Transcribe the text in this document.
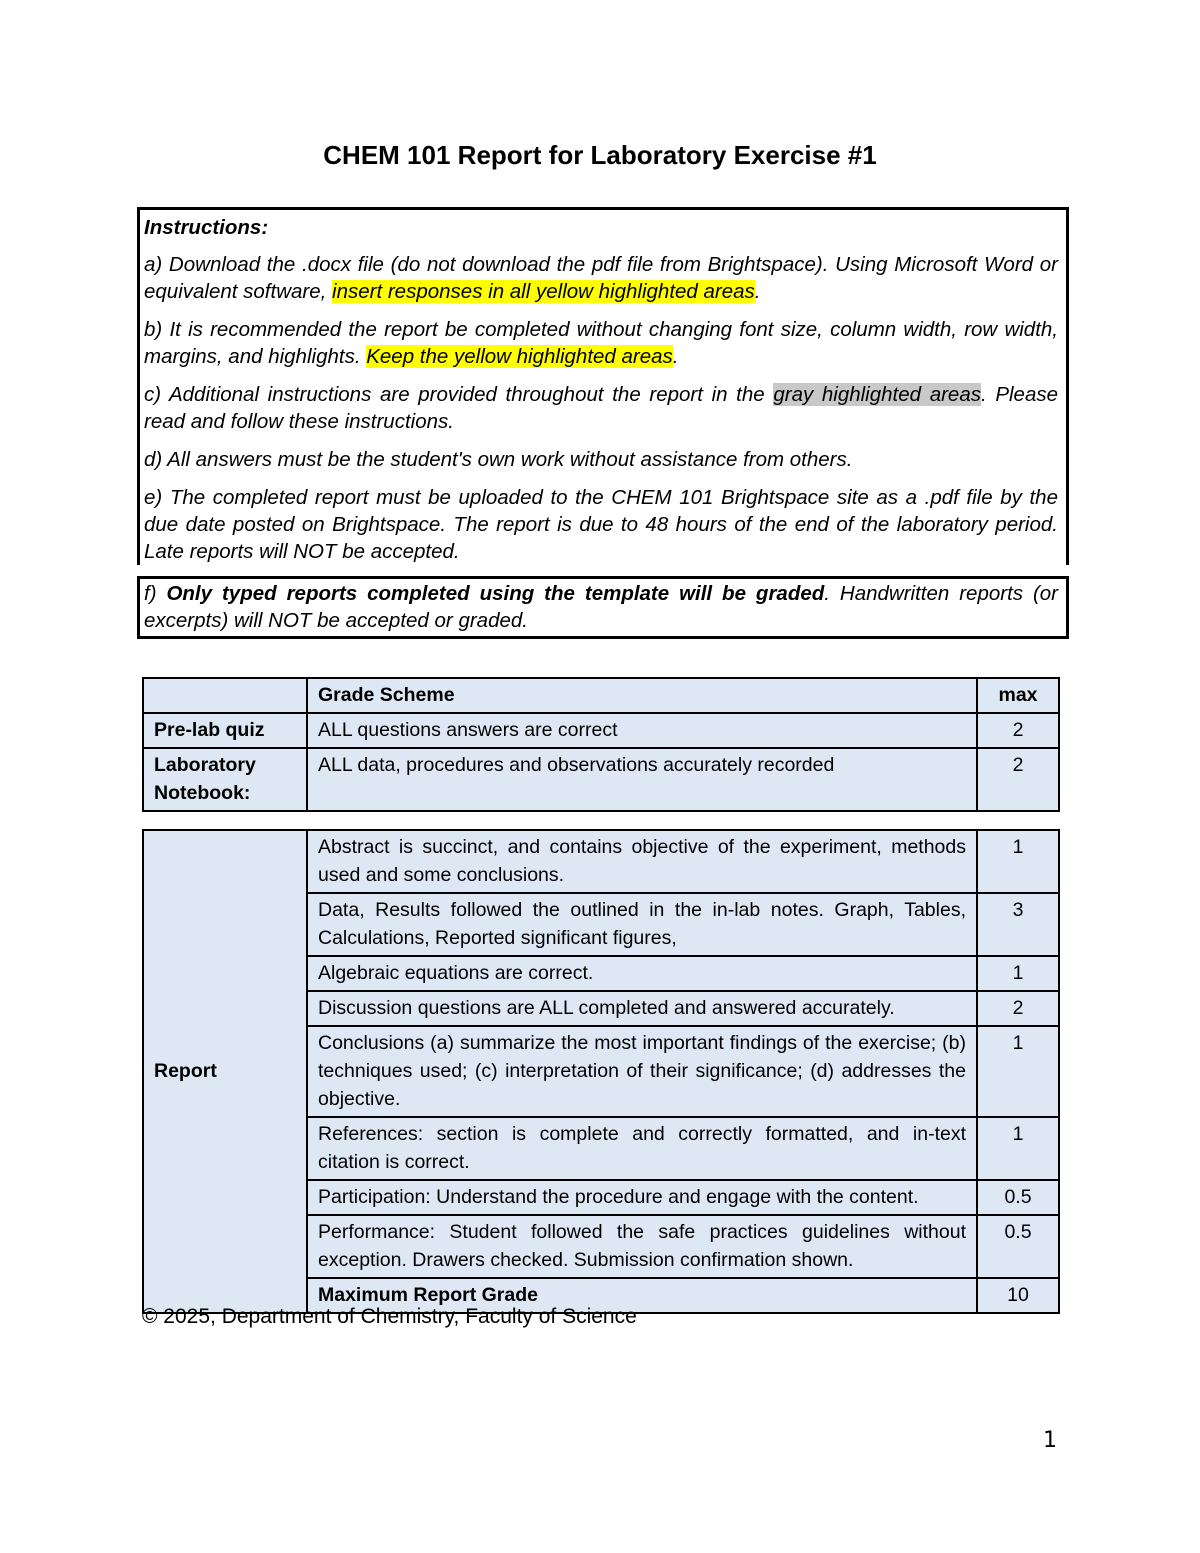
CHEM 101 Report for Laboratory Exercise #1
Instructions:
a) Download the .docx file (do not download the pdf file from Brightspace). Using Microsoft Word or equivalent software, insert responses in all yellow highlighted areas.
b) It is recommended the report be completed without changing font size, column width, row width, margins, and highlights. Keep the yellow highlighted areas.
c) Additional instructions are provided throughout the report in the gray highlighted areas. Please read and follow these instructions.
d) All answers must be the student's own work without assistance from others.
e) The completed report must be uploaded to the CHEM 101 Brightspace site as a .pdf file by the due date posted on Brightspace. The report is due to 48 hours of the end of the laboratory period. Late reports will NOT be accepted.
f) Only typed reports completed using the template will be graded. Handwritten reports (or excerpts) will NOT be accepted or graded.
	Grade Scheme	max
Pre-lab quiz	ALL questions answers are correct	2
Laboratory Notebook:	ALL data, procedures and observations accurately recorded	2
Report	Abstract is succinct, and contains objective of the experiment, methods used and some conclusions.	1
	Data, Results followed the outlined in the in-lab notes. Graph, Tables, Calculations, Reported significant figures,	3
	Algebraic equations are correct.	1
	Discussion questions are ALL completed and answered accurately.	2
	Conclusions (a) summarize the most important findings of the exercise; (b) techniques used; (c) interpretation of their significance; (d) addresses the objective.	1
	References: section is complete and correctly formatted, and in-text citation is correct.	1
	Participation: Understand the procedure and engage with the content.	0.5
	Performance: Student followed the safe practices guidelines without exception. Drawers checked. Submission confirmation shown.	0.5
	Maximum Report Grade	10
© 2025, Department of Chemistry, Faculty of Science
1
